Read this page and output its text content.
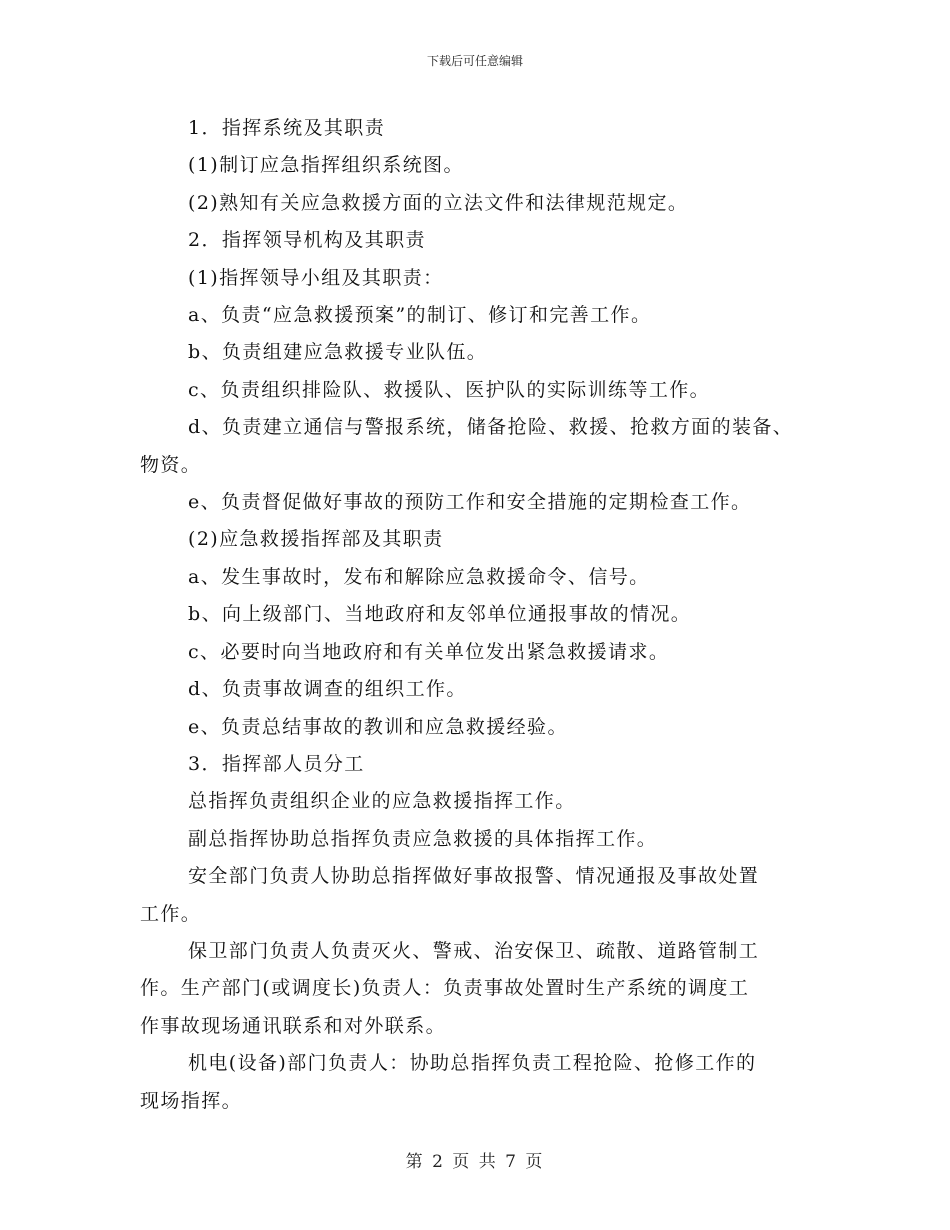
下载后可任意编辑
1．指挥系统及其职责
(1)制订应急指挥组织系统图。
(2)熟知有关应急救援方面的立法文件和法律规范规定。
2．指挥领导机构及其职责
(1)指挥领导小组及其职责：
a、负责“应急救援预案”的制订、修订和完善工作。
b、负责组建应急救援专业队伍。
c、负责组织排险队、救援队、医护队的实际训练等工作。
d、负责建立通信与警报系统，储备抢险、救援、抢救方面的装备、
物资。
e、负责督促做好事故的预防工作和安全措施的定期检查工作。
(2)应急救援指挥部及其职责
a、发生事故时，发布和解除应急救援命令、信号。
b、向上级部门、当地政府和友邻单位通报事故的情况。
c、必要时向当地政府和有关单位发出紧急救援请求。
d、负责事故调查的组织工作。
e、负责总结事故的教训和应急救援经验。
3．指挥部人员分工
总指挥负责组织企业的应急救援指挥工作。
副总指挥协助总指挥负责应急救援的具体指挥工作。
安全部门负责人协助总指挥做好事故报警、情况通报及事故处置
工作。
保卫部门负责人负责灭火、警戒、治安保卫、疏散、道路管制工
作。生产部门(或调度长)负责人：负责事故处置时生产系统的调度工
作事故现场通讯联系和对外联系。
机电(设备)部门负责人：协助总指挥负责工程抢险、抢修工作的
现场指挥。
第 2 页 共 7 页
